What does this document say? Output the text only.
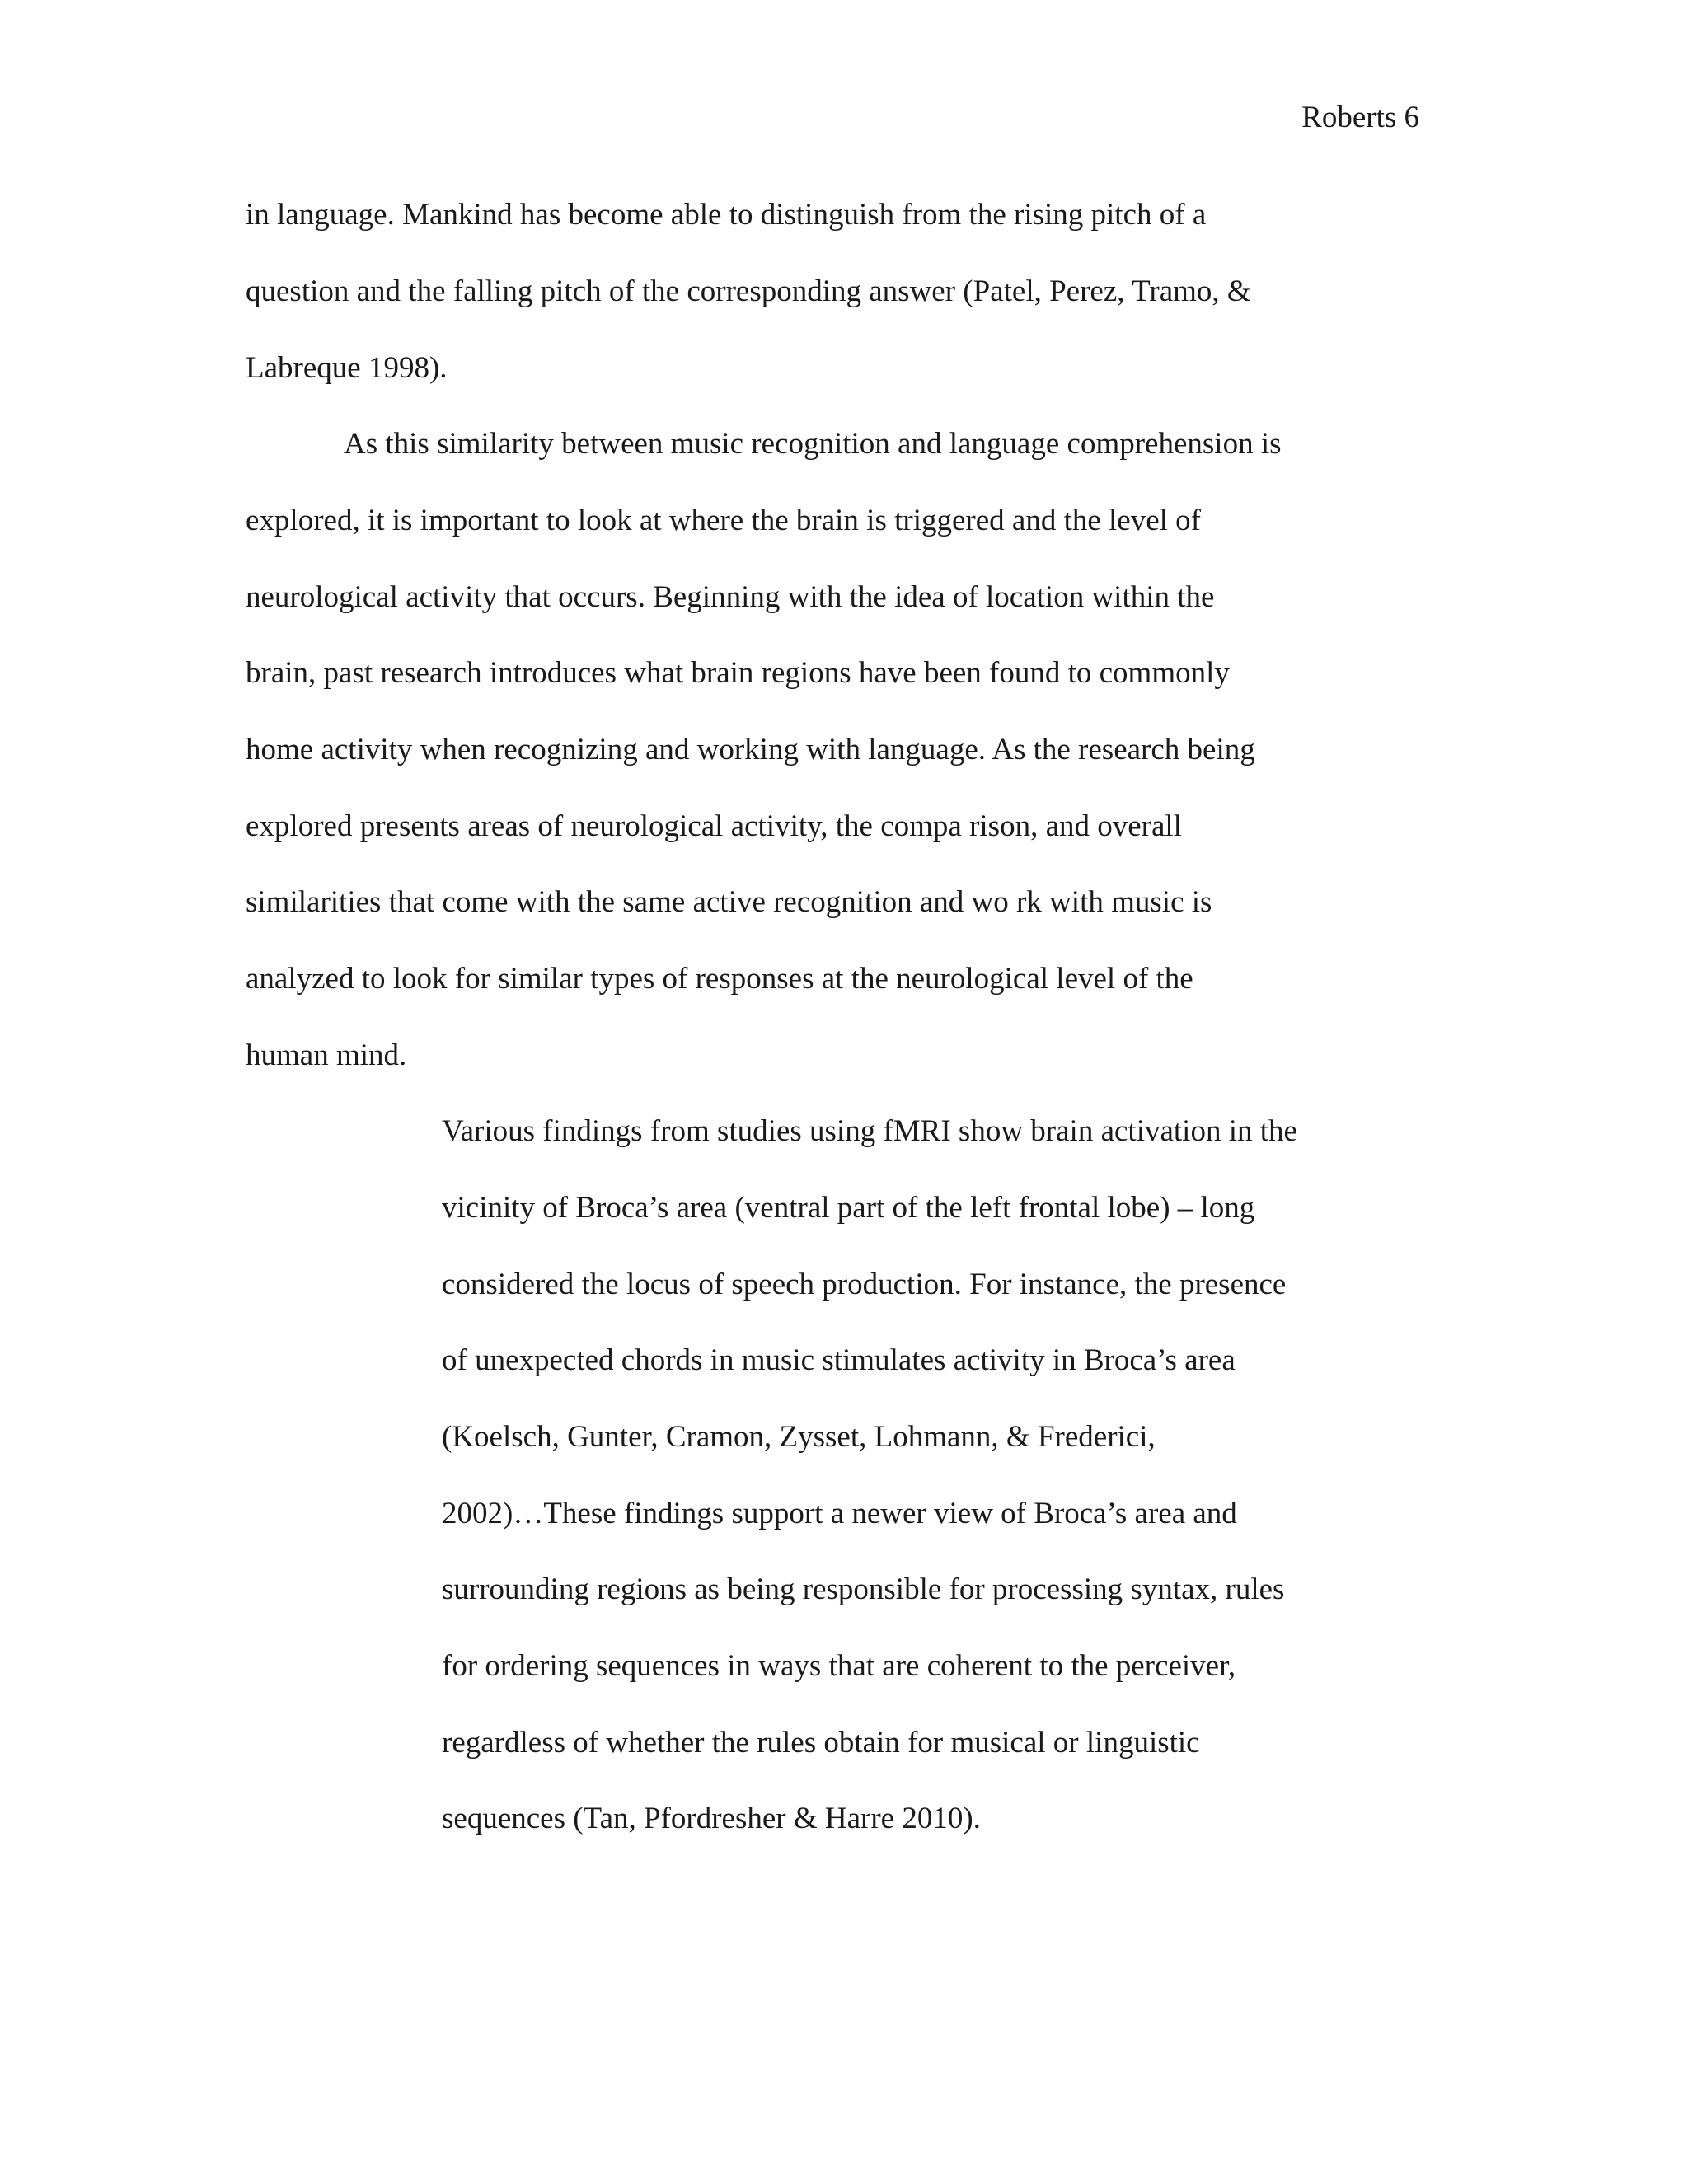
Roberts 6
in language. Mankind has become able to distinguish from the rising pitch of a
question and the falling pitch of the corresponding answer (Patel, Perez, Tramo, &
Labreque 1998).
As this similarity between music recognition and language comprehension is
explored, it is important to look at where the brain is triggered and the level of
neurological activity that occurs. Beginning with the idea of location within the
brain, past research introduces what brain regions have been found to commonly
home activity when recognizing and working with language. As the research being
explored presents areas of neurological activity, the compa rison, and overall
similarities that come with the same active recognition and wo rk with music is
analyzed to look for similar types of responses at the neurological level of the
human mind.
Various findings from studies using fMRI show brain activation in the
vicinity of Broca’s area (ventral part of the left frontal lobe) – long
considered the locus of speech production. For instance, the presence
of unexpected chords in music stimulates activity in Broca’s area
(Koelsch, Gunter, Cramon, Zysset, Lohmann, & Frederici,
2002)…These findings support a newer view of Broca’s area and
surrounding regions as being responsible for processing syntax, rules
for ordering sequences in ways that are coherent to the perceiver,
regardless of whether the rules obtain for musical or linguistic
sequences (Tan, Pfordresher & Harre 2010).
